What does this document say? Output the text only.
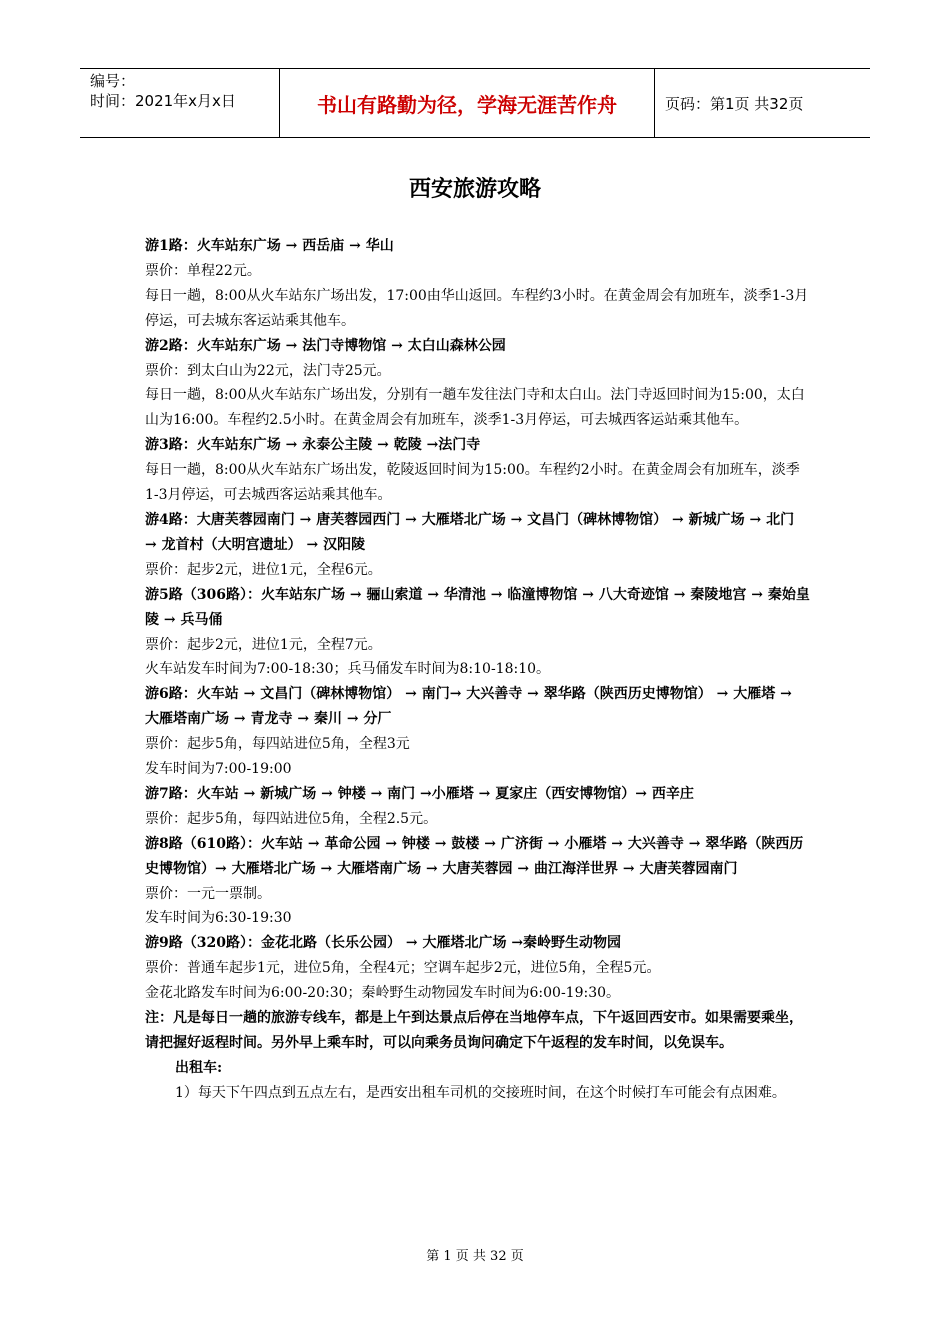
编号：
时间：2021年x月x日	书山有路勤为径，学海无涯苦作舟	页码：第1页 共32页
西安旅游攻略

游1路：火车站东广场 → 西岳庙 → 华山

票价：单程22元。

每日一趟，8:00从火车站东广场出发，17:00由华山返回。车程约3小时。在黄金周会有加班车，淡季1-3月停运，可去城东客运站乘其他车。

游2路：火车站东广场 → 法门寺博物馆 → 太白山森林公园

票价：到太白山为22元，法门寺25元。

每日一趟，8:00从火车站东广场出发，分别有一趟车发往法门寺和太白山。法门寺返回时间为15:00，太白山为16:00。车程约2.5小时。在黄金周会有加班车，淡季1-3月停运，可去城西客运站乘其他车。

游3路：火车站东广场 → 永泰公主陵 → 乾陵 →法门寺

每日一趟，8:00从火车站东广场出发，乾陵返回时间为15:00。车程约2小时。在黄金周会有加班车，淡季1-3月停运，可去城西客运站乘其他车。

游4路：大唐芙蓉园南门 → 唐芙蓉园西门 → 大雁塔北广场 → 文昌门（碑林博物馆） → 新城广场 → 北门 → 龙首村（大明宫遗址） → 汉阳陵

票价：起步2元，进位1元，全程6元。

游5路（306路）：火车站东广场 → 骊山索道 → 华清池 → 临潼博物馆 → 八大奇迹馆 → 秦陵地宫 → 秦始皇陵 → 兵马俑

票价：起步2元，进位1元，全程7元。

火车站发车时间为7:00-18:30；兵马俑发车时间为8:10-18:10。

游6路：火车站 → 文昌门（碑林博物馆） → 南门→ 大兴善寺 → 翠华路（陕西历史博物馆） → 大雁塔 → 大雁塔南广场 → 青龙寺 → 秦川 → 分厂

票价：起步5角，每四站进位5角，全程3元

发车时间为7:00-19:00

游7路：火车站 → 新城广场 → 钟楼 → 南门 →小雁塔 → 夏家庄（西安博物馆）→ 西辛庄

票价：起步5角，每四站进位5角，全程2.5元。

游8路（610路）：火车站 → 革命公园 → 钟楼 → 鼓楼 → 广济街 → 小雁塔 → 大兴善寺 → 翠华路（陕西历史博物馆）→ 大雁塔北广场 → 大雁塔南广场 → 大唐芙蓉园 → 曲江海洋世界 → 大唐芙蓉园南门

票价：一元一票制。

发车时间为6:30-19:30

游9路（320路）：金花北路（长乐公园） → 大雁塔北广场 →秦岭野生动物园

票价：普通车起步1元，进位5角，全程4元；空调车起步2元，进位5角，全程5元。

金花北路发车时间为6:00-20:30；秦岭野生动物园发车时间为6:00-19:30。

注：凡是每日一趟的旅游专线车，都是上午到达景点后停在当地停车点，下午返回西安市。如果需要乘坐，请把握好返程时间。另外早上乘车时，可以向乘务员询问确定下午返程的发车时间，以免误车。

出租车:

1）每天下午四点到五点左右，是西安出租车司机的交接班时间，在这个时候打车可能会有点困难。

第 1 页 共 32 页
